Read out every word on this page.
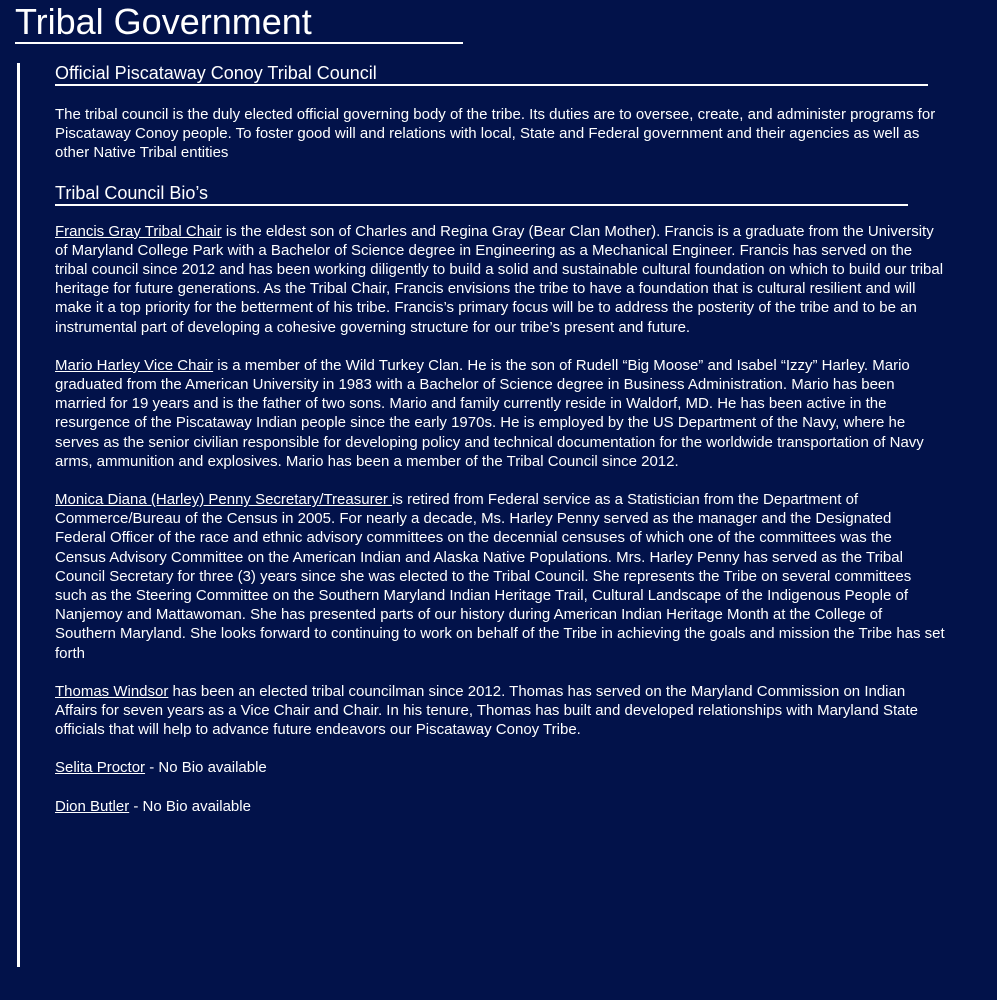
Tribal Government
Official Piscataway Conoy Tribal Council

The tribal council is the duly elected official governing body of the tribe. Its duties are to oversee, create, and administer programs for Piscataway Conoy people. To foster good will and relations with local, State and Federal government and their agencies as well as other Native Tribal entities

Tribal Council Bio’s

Francis Gray Tribal Chair is the eldest son of Charles and Regina Gray (Bear Clan Mother). Francis is a graduate from the University of Maryland College Park with a Bachelor of Science degree in Engineering as a Mechanical Engineer. Francis has served on the tribal council since 2012 and has been working diligently to build a solid and sustainable cultural foundation on which to build our tribal heritage for future generations. As the Tribal Chair, Francis envisions the tribe to have a foundation that is cultural resilient and will make it a top priority for the betterment of his tribe. Francis’s primary focus will be to address the posterity of the tribe and to be an instrumental part of developing a cohesive governing structure for our tribe’s present and future.

Mario Harley Vice Chair is a member of the Wild Turkey Clan. He is the son of Rudell “Big Moose” and Isabel “Izzy” Harley. Mario graduated from the American University in 1983 with a Bachelor of Science degree in Business Administration. Mario has been married for 19 years and is the father of two sons. Mario and family currently reside in Waldorf, MD. He has been active in the resurgence of the Piscataway Indian people since the early 1970s. He is employed by the US Department of the Navy, where he serves as the senior civilian responsible for developing policy and technical documentation for the worldwide transportation of Navy arms, ammunition and explosives. Mario has been a member of the Tribal Council since 2012.

Monica Diana (Harley) Penny Secretary/Treasurer is retired from Federal service as a Statistician from the Department of Commerce/Bureau of the Census in 2005. For nearly a decade, Ms. Harley Penny served as the manager and the Designated Federal Officer of the race and ethnic advisory committees on the decennial censuses of which one of the committees was the Census Advisory Committee on the American Indian and Alaska Native Populations. Mrs. Harley Penny has served as the Tribal Council Secretary for three (3) years since she was elected to the Tribal Council. She represents the Tribe on several committees such as the Steering Committee on the Southern Maryland Indian Heritage Trail, Cultural Landscape of the Indigenous People of Nanjemoy and Mattawoman. She has presented parts of our history during American Indian Heritage Month at the College of Southern Maryland. She looks forward to continuing to work on behalf of the Tribe in achieving the goals and mission the Tribe has set forth

Thomas Windsor has been an elected tribal councilman since 2012. Thomas has served on the Maryland Commission on Indian Affairs for seven years as a Vice Chair and Chair. In his tenure, Thomas has built and developed relationships with Maryland State officials that will help to advance future endeavors our Piscataway Conoy Tribe.

Selita Proctor - No Bio available

Dion Butler - No Bio available
